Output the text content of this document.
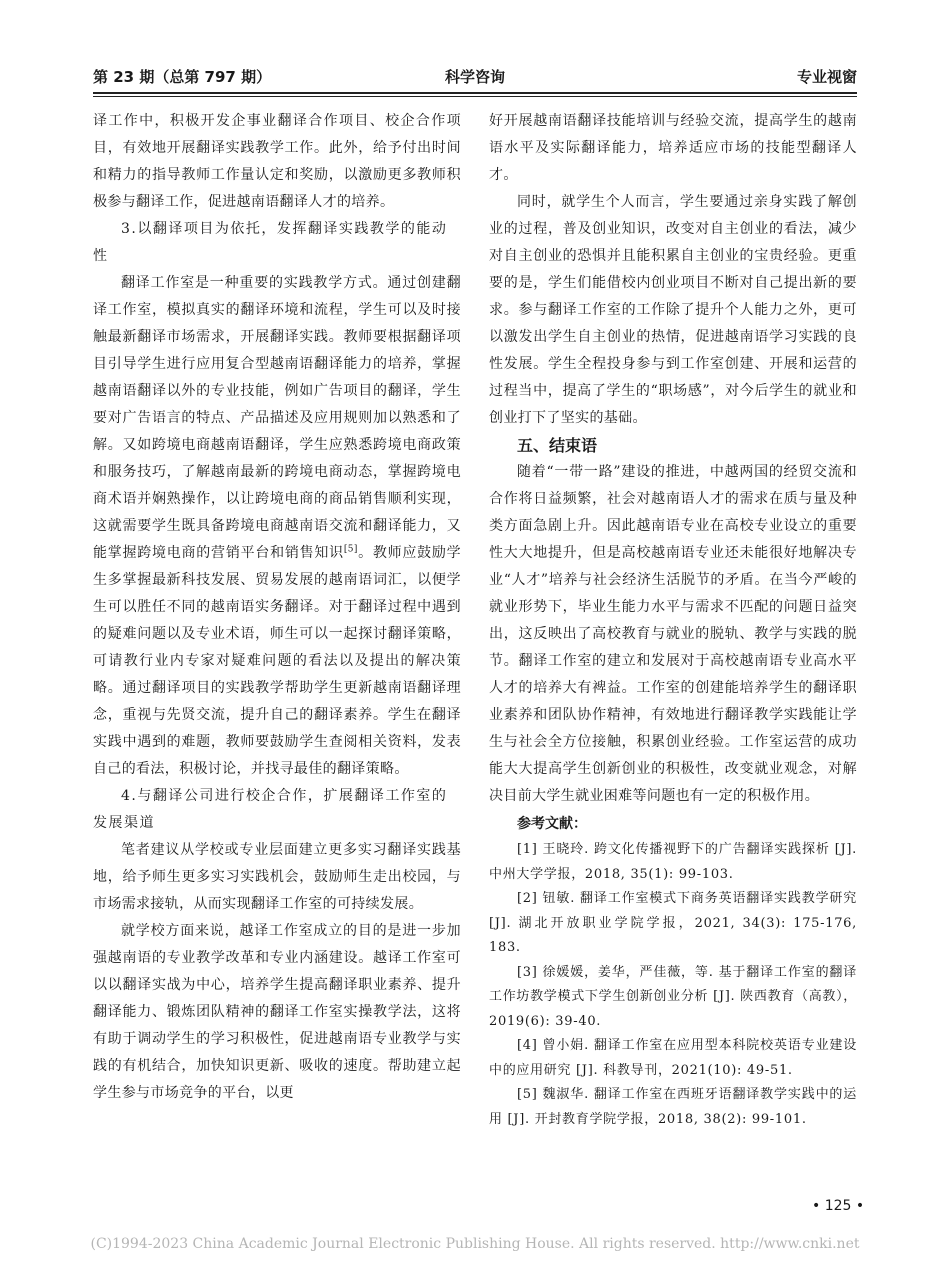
第 23 期（总第 797 期）	科学咨询	专业视窗

译工作中，积极开发企事业翻译合作项目、校企合作项目，有效地开展翻译实践教学工作。此外，给予付出时间和精力的指导教师工作量认定和奖励，以激励更多教师积极参与翻译工作，促进越南语翻译人才的培养。

3.以翻译项目为依托，发挥翻译实践教学的能动性

翻译工作室是一种重要的实践教学方式。通过创建翻译工作室，模拟真实的翻译环境和流程，学生可以及时接触最新翻译市场需求，开展翻译实践。教师要根据翻译项目引导学生进行应用复合型越南语翻译能力的培养，掌握越南语翻译以外的专业技能，例如广告项目的翻译，学生要对广告语言的特点、产品描述及应用规则加以熟悉和了解。又如跨境电商越南语翻译，学生应熟悉跨境电商政策和服务技巧，了解越南最新的跨境电商动态，掌握跨境电商术语并娴熟操作，以让跨境电商的商品销售顺利实现，这就需要学生既具备跨境电商越南语交流和翻译能力，又能掌握跨境电商的营销平台和销售知识[5]。教师应鼓励学生多掌握最新科技发展、贸易发展的越南语词汇，以便学生可以胜任不同的越南语实务翻译。对于翻译过程中遇到的疑难问题以及专业术语，师生可以一起探讨翻译策略，可请教行业内专家对疑难问题的看法以及提出的解决策略。通过翻译项目的实践教学帮助学生更新越南语翻译理念，重视与先贤交流，提升自己的翻译素养。学生在翻译实践中遇到的难题，教师要鼓励学生查阅相关资料，发表自己的看法，积极讨论，并找寻最佳的翻译策略。

4.与翻译公司进行校企合作，扩展翻译工作室的发展渠道

笔者建议从学校或专业层面建立更多实习翻译实践基地，给予师生更多实习实践机会，鼓励师生走出校园，与市场需求接轨，从而实现翻译工作室的可持续发展。

就学校方面来说，越译工作室成立的目的是进一步加强越南语的专业教学改革和专业内涵建设。越译工作室可以以翻译实战为中心，培养学生提高翻译职业素养、提升翻译能力、锻炼团队精神的翻译工作室实操教学法，这将有助于调动学生的学习积极性，促进越南语专业教学与实践的有机结合，加快知识更新、吸收的速度。帮助建立起学生参与市场竞争的平台，以更

好开展越南语翻译技能培训与经验交流，提高学生的越南语水平及实际翻译能力，培养适应市场的技能型翻译人才。

同时，就学生个人而言，学生要通过亲身实践了解创业的过程，普及创业知识，改变对自主创业的看法，减少对自主创业的恐惧并且能积累自主创业的宝贵经验。更重要的是，学生们能借校内创业项目不断对自己提出新的要求。参与翻译工作室的工作除了提升个人能力之外，更可以激发出学生自主创业的热情，促进越南语学习实践的良性发展。学生全程投身参与到工作室创建、开展和运营的过程当中，提高了学生的“职场感”，对今后学生的就业和创业打下了坚实的基础。

五、结束语

随着“一带一路”建设的推进，中越两国的经贸交流和合作将日益频繁，社会对越南语人才的需求在质与量及种类方面急剧上升。因此越南语专业在高校专业设立的重要性大大地提升，但是高校越南语专业还未能很好地解决专业“人才”培养与社会经济生活脱节的矛盾。在当今严峻的就业形势下，毕业生能力水平与需求不匹配的问题日益突出，这反映出了高校教育与就业的脱轨、教学与实践的脱节。翻译工作室的建立和发展对于高校越南语专业高水平人才的培养大有裨益。工作室的创建能培养学生的翻译职业素养和团队协作精神，有效地进行翻译教学实践能让学生与社会全方位接触，积累创业经验。工作室运营的成功能大大提高学生创新创业的积极性，改变就业观念，对解决目前大学生就业困难等问题也有一定的积极作用。

参考文献：

[1] 王晓玲. 跨文化传播视野下的广告翻译实践探析 [J]. 中州大学学报，2018, 35(1): 99-103.

[2] 钮敏. 翻译工作室模式下商务英语翻译实践教学研究 [J]. 湖北开放职业学院学报，2021, 34(3): 175-176, 183.

[3] 徐媛媛，姜华，严佳薇，等. 基于翻译工作室的翻译工作坊教学模式下学生创新创业分析 [J]. 陕西教育（高教），2019(6): 39-40.

[4] 曾小娟. 翻译工作室在应用型本科院校英语专业建设中的应用研究 [J]. 科教导刊，2021(10): 49-51.

[5] 魏淑华. 翻译工作室在西班牙语翻译教学实践中的运用 [J]. 开封教育学院学报，2018, 38(2): 99-101.

• 125 •
(C)1994-2023 China Academic Journal Electronic Publishing House. All rights reserved. http://www.cnki.net
